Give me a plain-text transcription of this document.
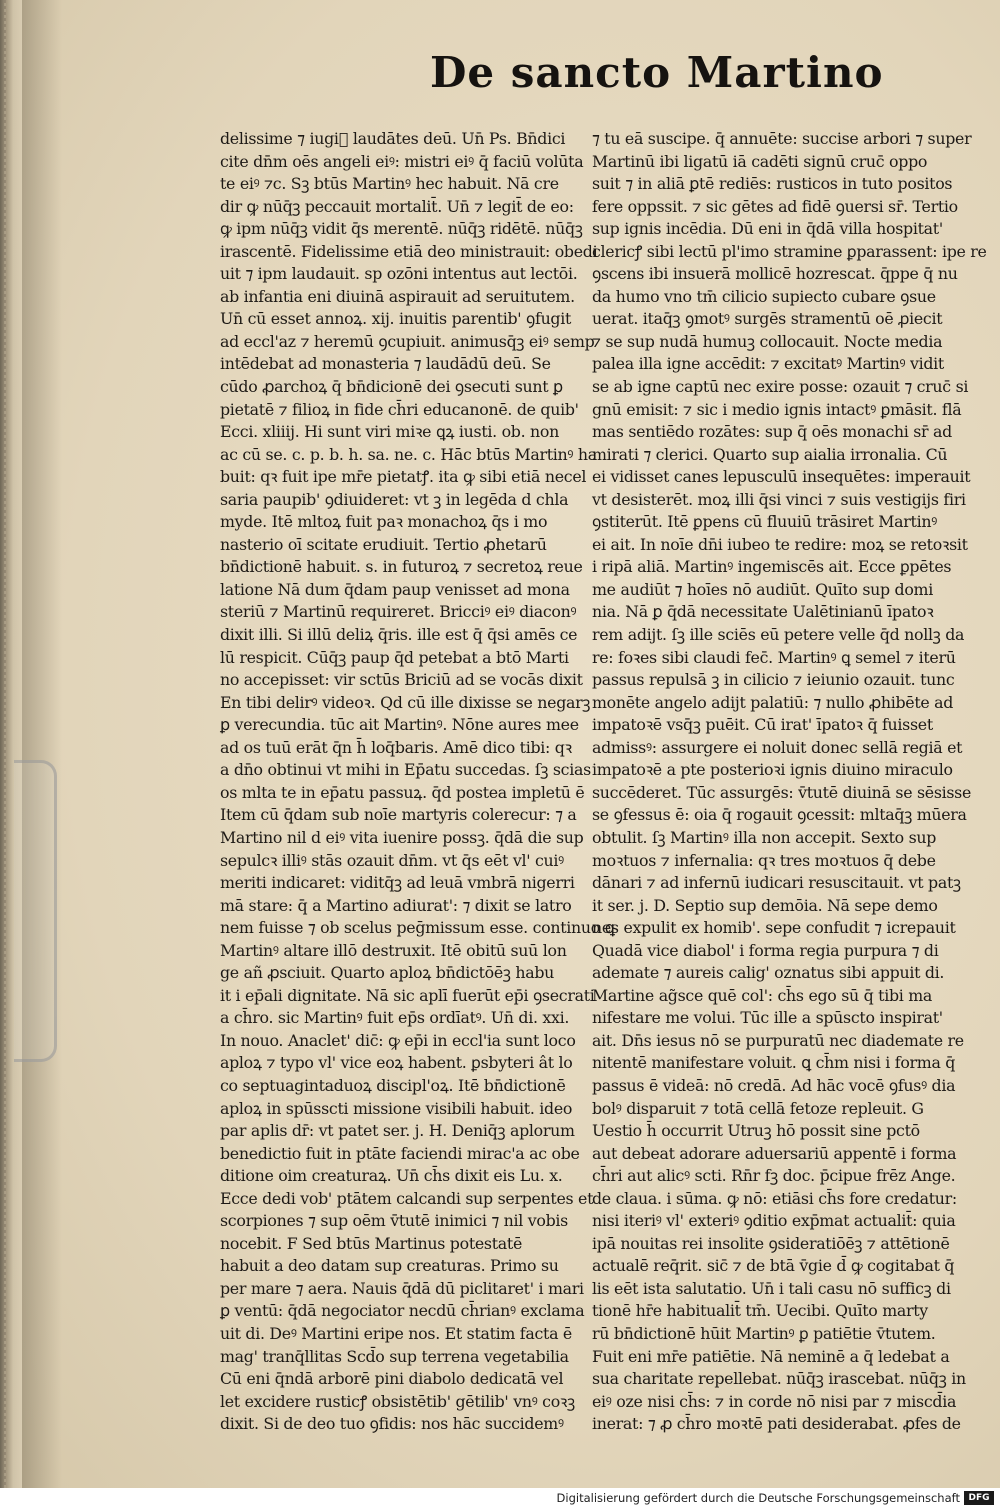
De sancto Martino
delissime ⁊ iugiᷤ laudātes deū. Un̄ Ps. Bn̄dici
cite dn̄m oēs angeli eiꝰ: mistri eiꝰ q̄ faciū volūta
te eiꝰ ⁊c. Sꝫ btūs Martinꝰ hec habuit. Nā cre
dir ꝙ nūq̄ꝫ peccauit mortalit̄. Un̄ ⁊ legit̄ de eo:
ꝙ ipm nūq̄ꝫ vidit q̄s merentē. nūq̄ꝫ ridētē. nūq̄ꝫ
irascentē. Fidelissime etiā deo ministrauit: obedi
uit ⁊ ipm laudauit. sp ozōni intentus aut lectōi.
ab infantia eni diuinā aspirauit ad seruitutem.
Un̄ cū esset annoꝝ. xij. inuitis parentib' ꝯfugit
ad eccl'az ⁊ heremū ꝯcupiuit. animusq̄ꝫ eiꝰ semp
intēdebat ad monasteria ⁊ laudādū deū. Se
cūdo ꝓarchoꝝ q̄ bn̄dicionē dei ꝯsecuti sunt ꝑ
pietatē ⁊ filioꝝ in fide ch̄ri educanonē. de quib'
Ecci. xliiij. Hi sunt viri miꝛe ꝗꝝ iusti. ob. non
ac cū se. c. p. b. h. sa. ne. c. Hāc btūs Martinꝰ ha
buit: qꝛ fuit ipe mr̄e pietatꝭ. ita ꝙ sibi etiā necel
saria paupib' ꝯdiuideret: vt ꝫ in legēda d chla
myde. Itē mltoꝝ fuit paꝛ monachoꝝ q̄s i mo
nasterio oī scitate erudiuit. Tertio ꝓhetarū
bn̄dictionē habuit. s. in futuroꝝ ⁊ secretoꝝ reue
latione Nā dum q̄dam paup venisset ad mona
steriū ⁊ Martinū requireret. Bricciꝰ eiꝰ diaconꝰ
dixit illi. Si illū deliꝝ q̄ris. ille est q̄ q̄si amēs ce
lū respicit. Cūq̄ꝫ paup q̄d petebat a btō Marti
no accepisset: vir sctūs Briciū ad se vocās dixit
En tibi delirꝰ videoꝛ. Qd cū ille dixisse se negarꝫ
ꝑ verecundia. tūc ait Martinꝰ. Nōne aures mee
ad os tuū erāt q̄n h̄ loq̄baris. Amē dico tibi: qꝛ
a dn̄o obtinui vt mihi in Ep̄atu succedas. ſꝫ scias
os mlta te in ep̄atu passuꝝ. q̄d postea impletū ē
Item cū q̄dam sub noīe martyris colerecur: ⁊ a
Martino nil d eiꝰ vita iuenire possꝫ. q̄dā die sup
sepulcꝛ illiꝰ stās ozauit dn̄m. vt q̄s eēt vl' cuiꝰ
meriti indicaret: viditq̄ꝫ ad leuā vmbrā nigerri
mā stare: q̄ a Martino adiurat': ⁊ dixit se latro
nem fuisse ⁊ ob scelus peḡmissum esse. continuo ꝗ
Martinꝰ altare illō destruxit. Itē obitū suū lon
ge añ ꝓsciuit. Quarto aploꝝ bn̄dictōēꝫ habu
it i ep̄ali dignitate. Nā sic aplī fuerūt ep̄i ꝯsecrati
a ch̄ro. sic Martinꝰ fuit ep̄s ordīatꝰ. Un̄ di. xxi.
In nouo. Anaclet' dic̄: ꝙ ep̄i in eccl'ia sunt loco
aploꝝ ⁊ typo vl' vice eoꝝ habent. ꝑsbyteri ât lo
co septuagintaduoꝝ discipl'oꝝ. Itē bn̄dictionē
aploꝝ in spūsscti missione visibili habuit. ideo
par aplis dr̄: vt patet ser. j. H. Deniq̄ꝫ aplorum
benedictio fuit in ptāte faciendi mirac'a ac obe
ditione oim creaturaꝝ. Un̄ ch̄s dixit eis Lu. x.
Ecce dedi vob' ptātem calcandi sup serpentes et
scorpiones ⁊ sup oēm v̄tutē inimici ⁊ nil vobis
nocebit. F Sed btūs Martinus potestatē
habuit a deo datam sup creaturas. Primo su
per mare ⁊ aera. Nauis q̄dā dū piclitaret' i mari
ꝑ ventū: q̄dā negociator necdū ch̄rianꝰ exclama
uit di. Deꝰ Martini eripe nos. Et statim facta ē
mag' tranq̄llitas Scd̄o sup terrena vegetabilia
Cū eni q̄ndā arborē pini diabolo dedicatā vel
let excidere rusticꝭ obsistētib' gētilib' vnꝰ coꝛꝫ
dixit. Si de deo tuo ꝯfidis: nos hāc succidemꝰ
⁊ tu eā suscipe. q̄ annuēte: succise arbori ⁊ super
Martinū ibi ligatū iā cadēti signū cruc̄ oppo
suit ⁊ in aliā ꝑtē rediēs: rusticos in tuto positos
fere oppssit. ⁊ sic gētes ad fidē ꝯuersi sr̄. Tertio
sup ignis incēdia. Dū eni in q̄dā villa hospitat'
clericꝭ sibi lectū pl'imo stramine ꝑparassent: ipe re
ꝯscens ibi insuerā mollicē hozrescat. q̄ppe q̄ nu
da humo vno tm̄ cilicio supiecto cubare ꝯsue
uerat. itaq̄ꝫ ꝯmotꝰ surgēs stramentū oē ꝓiecit
⁊ se sup nudā humuꝫ collocauit. Nocte media
palea illa igne accēdit: ⁊ excitatꝰ Martinꝰ vidit
se ab igne captū nec exire posse: ozauit ⁊ cruc̄ si
gnū emisit: ⁊ sic i medio ignis intactꝰ ꝑmāsit. flā
mas sentiēdo rozātes: sup q̄ oēs monachi sr̄ ad
mirati ⁊ clerici. Quarto sup aialia irronalia. Cū
ei vidisset canes lepusculū insequētes: imperauit
vt desisterēt. moꝝ illi q̄si vinci ⁊ suis vestigijs firi
ꝯstiterūt. Itē ꝑpens cū fluuiū trāsiret Martinꝰ
ei ait. In noīe dn̄i iubeo te redire: moꝝ se retoꝛsit
i ripā aliā. Martinꝰ ingemiscēs ait. Ecce ꝑpētes
me audiūt ⁊ hoīes nō audiūt. Quīto sup domi
nia. Nā ꝑ q̄dā necessitate Ualētinianū īpatoꝛ
rem adijt. ſꝫ ille sciēs eū petere velle q̄d nollꝫ da
re: foꝛes sibi claudi fec̄. Martinꝰ ꝗ semel ⁊ iterū
passus repulsā ꝫ in cilicio ⁊ ieiunio ozauit. tunc
monēte angelo adijt palatiū: ⁊ nullo ꝓhibēte ad
impatoꝛē vsq̄ꝫ puēit. Cū irat' īpatoꝛ q̄ fuisset
admissꝰ: assurgere ei noluit donec sellā regiā et
impatoꝛē a pte posterioꝛi ignis diuino miraculo
succēderet. Tūc assurgēs: v̄tutē diuinā se sēsisse
se ꝯfessus ē: oia q̄ rogauit ꝯcessit: mltaq̄ꝫ mūera
obtulit. ſꝫ Martinꝰ illa non accepit. Sexto sup
moꝛtuos ⁊ infernalia: qꝛ tres moꝛtuos q̄ debe
dānari ⁊ ad infernū iudicari resuscitauit. vt patꝫ
it ser. j. D. Septio sup demōia. Nā sepe demo
nes expulit ex homib'. sepe confudit ⁊ icrepauit
Quadā vice diabol' i forma regia purpura ⁊ di
ademate ⁊ aureis calig' oznatus sibi appuit di.
Martine ag̃sce quē col': ch̄s ego sū q̄ tibi ma
nifestare me volui. Tūc ille a spūscto inspirat'
ait. Dn̄s iesus nō se purpuratū nec diademate re
nitentē manifestare voluit. ꝗ ch̄m nisi i forma q̄
passus ē videā: nō credā. Ad hāc vocē ꝯfusꝰ dia
bolꝰ disparuit ⁊ totā cellā fetoze repleuit. G
Uestio h̄ occurrit Utruꝫ hō possit sine pctō
aut debeat adorare aduersariū appentē i forma
ch̄ri aut alicꝰ scti. Rn̄r fꝫ doc. p̄cipue frēz Ange.
de claua. i sūma. ꝙ nō: etiāsi ch̄s fore credatur:
nisi iteriꝰ vl' exteriꝰ ꝯditio exp̄mat actualit̄: quia
ipā nouitas rei insolite ꝯsideratiōēꝫ ⁊ attētionē
actualē req̄rit. sic̄ ⁊ de btā v̄gie d̄ ꝙ cogitabat q̄
lis eēt ista salutatio. Un̄ i tali casu nō sufficꝫ di
tionē hr̄e habitualit̄ tm̄. Uecibi. Quīto marty
rū bn̄dictionē hūit Martinꝰ ꝑ patiētie v̄tutem.
Fuit eni mr̄e patiētie. Nā neminē a q̄ ledebat a
sua charitate repellebat. nūq̄ꝫ irascebat. nūq̄ꝫ in
eiꝰ oze nisi ch̄s: ⁊ in corde nō nisi par ⁊ miscd̄ia
inerat: ⁊ ꝓ ch̄ro moꝛtē pati desiderabat. ꝓfes de
Digitalisierung gefördert durch die Deutsche Forschungsgemeinschaft DFG
